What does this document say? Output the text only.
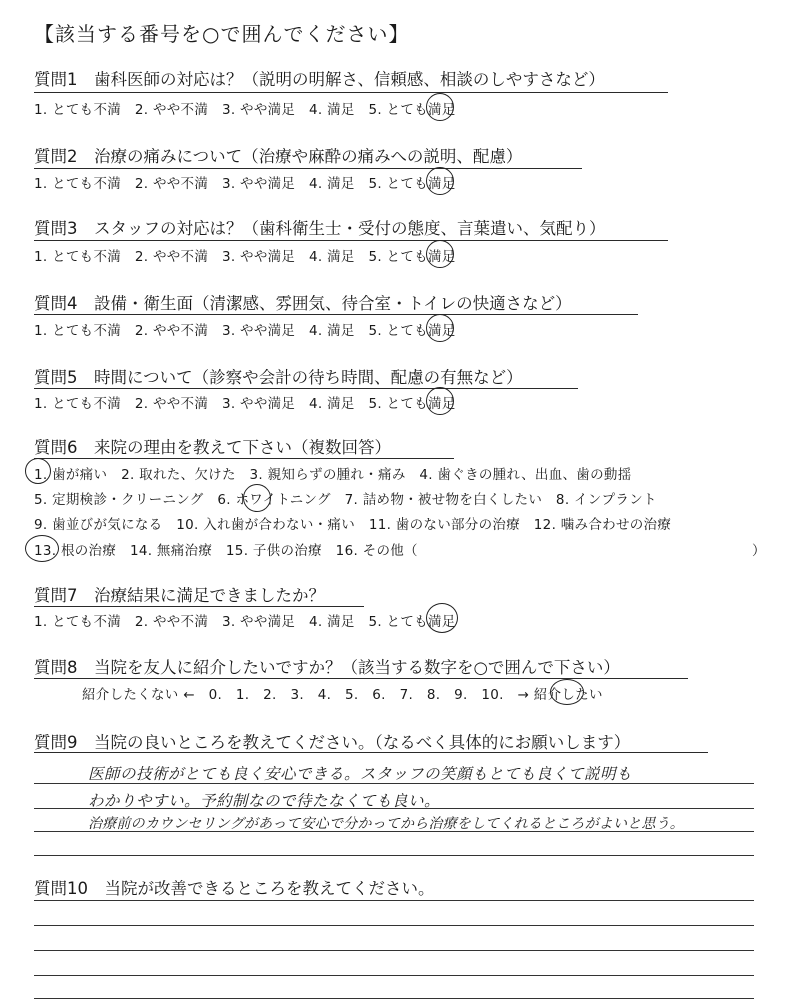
【該当する番号を○で囲んでください】
質問1　歯科医師の対応は？（説明の明解さ、信頼感、相談のしやすさなど）
1. とても不満　2. やや不満　3. やや満足　4. 満足　5. とても満足
質問2　治療の痛みについて（治療や麻酔の痛みへの説明、配慮）
1. とても不満　2. やや不満　3. やや満足　4. 満足　5. とても満足
質問3　スタッフの対応は？（歯科衛生士・受付の態度、言葉遣い、気配り）
1. とても不満　2. やや不満　3. やや満足　4. 満足　5. とても満足
質問4　設備・衛生面（清潔感、雰囲気、待合室・トイレの快適さなど）
1. とても不満　2. やや不満　3. やや満足　4. 満足　5. とても満足
質問5　時間について（診察や会計の待ち時間、配慮の有無など）
1. とても不満　2. やや不満　3. やや満足　4. 満足　5. とても満足
質問6　来院の理由を教えて下さい（複数回答）
1. 歯が痛い　2. 取れた、欠けた　3. 親知らずの腫れ・痛み　4. 歯ぐきの腫れ、出血、歯の動揺
5. 定期検診・クリーニング　6. ホワイトニング　7. 詰め物・被せ物を白くしたい　8. インプラント
9. 歯並びが気になる　10. 入れ歯が合わない・痛い　11. 歯のない部分の治療　12. 噛み合わせの治療
13. 根の治療　14. 無痛治療　15. 子供の治療　16. その他（	）
質問7　治療結果に満足できましたか？
1. とても不満　2. やや不満　3. やや満足　4. 満足　5. とても満足
質問8　当院を友人に紹介したいですか？（該当する数字を○で囲んで下さい）
紹介したくない ←　0.　1.　2.　3.　4.　5.　6.　7.　8.　9.　10.　→ 紹介したい
質問9　当院の良いところを教えてください。（なるべく具体的にお願いします）
医師の技術がとても良く安心できる。スタッフの笑顔もとても良くて説明も
わかりやすい。予約制なので待たなくても良い。
治療前のカウンセリングがあって安心で分かってから治療をしてくれるところがよいと思う。
質問10　当院が改善できるところを教えてください。
